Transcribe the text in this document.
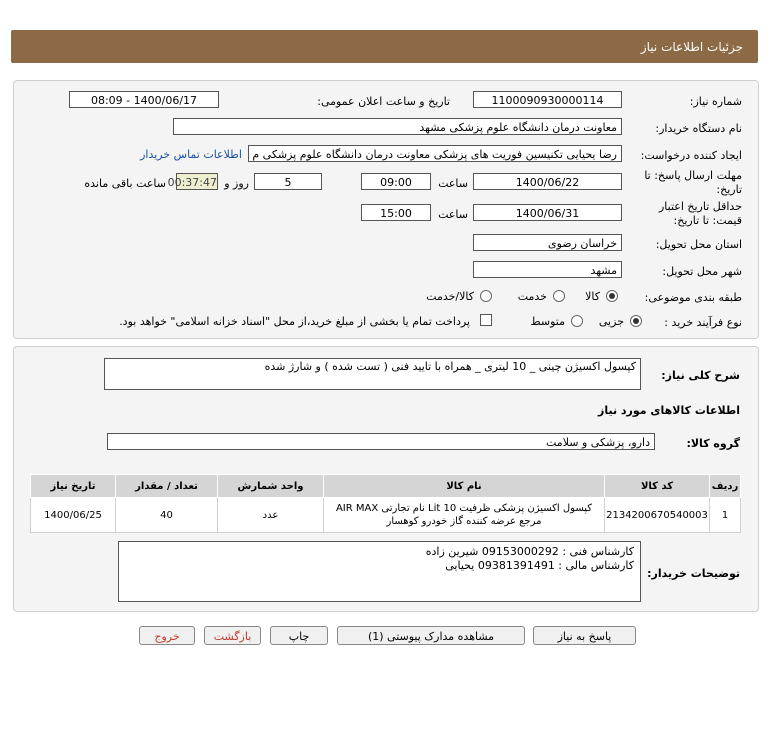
جزئیات اطلاعات نیاز
شماره نیاز:
1100090930000114
تاریخ و ساعت اعلان عمومی:
1400/06/17 - 08:09
نام دستگاه خریدار:
معاونت درمان دانشگاه علوم پزشکی مشهد
ایجاد کننده درخواست:
رضا یحیایی تکنیسین فوریت های پزشکی معاونت درمان دانشگاه علوم پزشکی م
اطلاعات تماس خریدار
مهلت ارسال پاسخ: تا تاریخ:
1400/06/22
ساعت
09:00
5
روز و
00:37:47
ساعت باقی مانده
حداقل تاریخ اعتبار قیمت: تا تاریخ:
1400/06/31
ساعت
15:00
استان محل تحویل:
خراسان رضوی
شهر محل تحویل:
مشهد
طبقه بندی موضوعی:
کالا
خدمت
کالا/خدمت
نوع فرآیند خرید :
جزیی
متوسط
پرداخت تمام یا بخشی از مبلغ خرید،از محل "اسناد خزانه اسلامی" خواهد بود.
شرح کلی نیاز:
کپسول اکسیژن چینی _ 10 لیتری _ همراه با تایید فنی ( تست شده ) و شارژ شده
اطلاعات کالاهای مورد نیاز
گروه کالا:
دارو، پزشکی و سلامت
ردیف	کد کالا	نام کالا	واحد شمارش	تعداد / مقدار	تاریخ نیاز
1	2134200670540003	کپسول اکسیژن پزشکی ظرفیت Lit 10 نام تجارتی AIR MAX
مرجع عرضه کننده گاز خودرو کوهسار	عدد	40	1400/06/25
توضیحات خریدار:
کارشناس فنی : 09153000292 شیرین زاده
کارشناس مالی : 09381391491 یحیایی
پاسخ به نیاز
مشاهده مدارک پیوستی (1)
چاپ
بازگشت
خروج
